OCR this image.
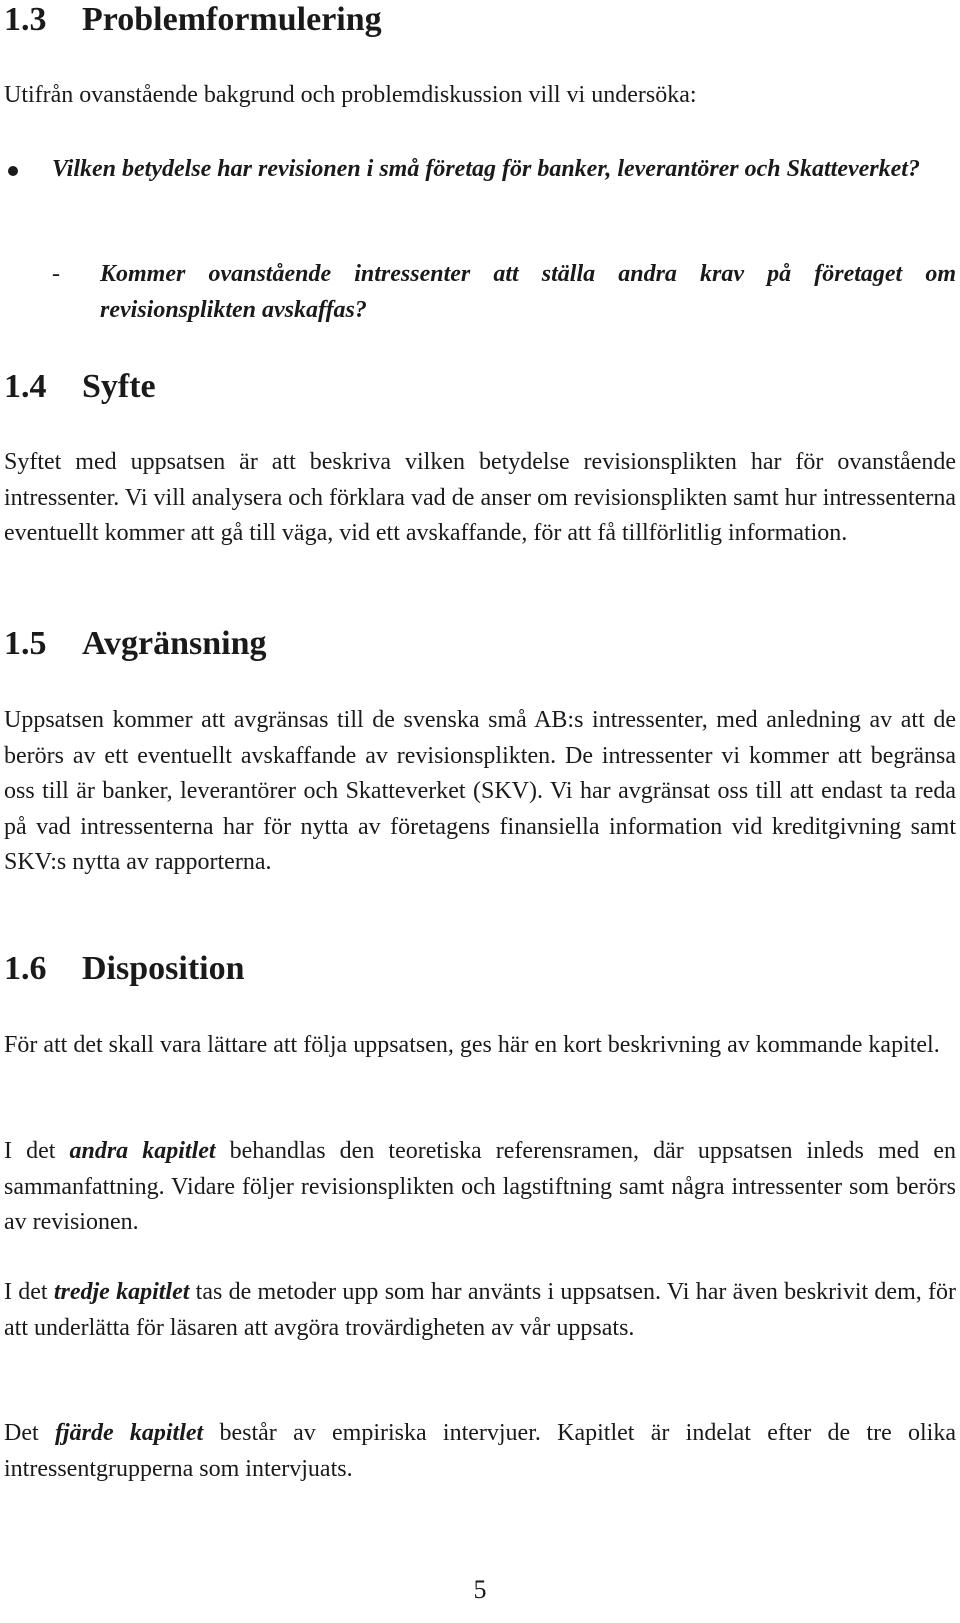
1.3 Problemformulering

Utifrån ovanstående bakgrund och problemdiskussion vill vi undersöka:

Vilken betydelse har revisionen i små företag för banker, leverantörer och Skatteverket?

- Kommer ovanstående intressenter att ställa andra krav på företaget om revisionsplikten avskaffas?

1.4 Syfte

Syftet med uppsatsen är att beskriva vilken betydelse revisionsplikten har för ovanstående intressenter. Vi vill analysera och förklara vad de anser om revisionsplikten samt hur intressenterna eventuellt kommer att gå till väga, vid ett avskaffande, för att få tillförlitlig information.

1.5 Avgränsning

Uppsatsen kommer att avgränsas till de svenska små AB:s intressenter, med anledning av att de berörs av ett eventuellt avskaffande av revisionsplikten. De intressenter vi kommer att begränsa oss till är banker, leverantörer och Skatteverket (SKV). Vi har avgränsat oss till att endast ta reda på vad intressenterna har för nytta av företagens finansiella information vid kreditgivning samt SKV:s nytta av rapporterna.

1.6 Disposition

För att det skall vara lättare att följa uppsatsen, ges här en kort beskrivning av kommande kapitel.

I det andra kapitlet behandlas den teoretiska referensramen, där uppsatsen inleds med en sammanfattning. Vidare följer revisionsplikten och lagstiftning samt några intressenter som berörs av revisionen.

I det tredje kapitlet tas de metoder upp som har använts i uppsatsen. Vi har även beskrivit dem, för att underlätta för läsaren att avgöra trovärdigheten av vår uppsats.

Det fjärde kapitlet består av empiriska intervjuer. Kapitlet är indelat efter de tre olika intressentgrupperna som intervjuats.

5
